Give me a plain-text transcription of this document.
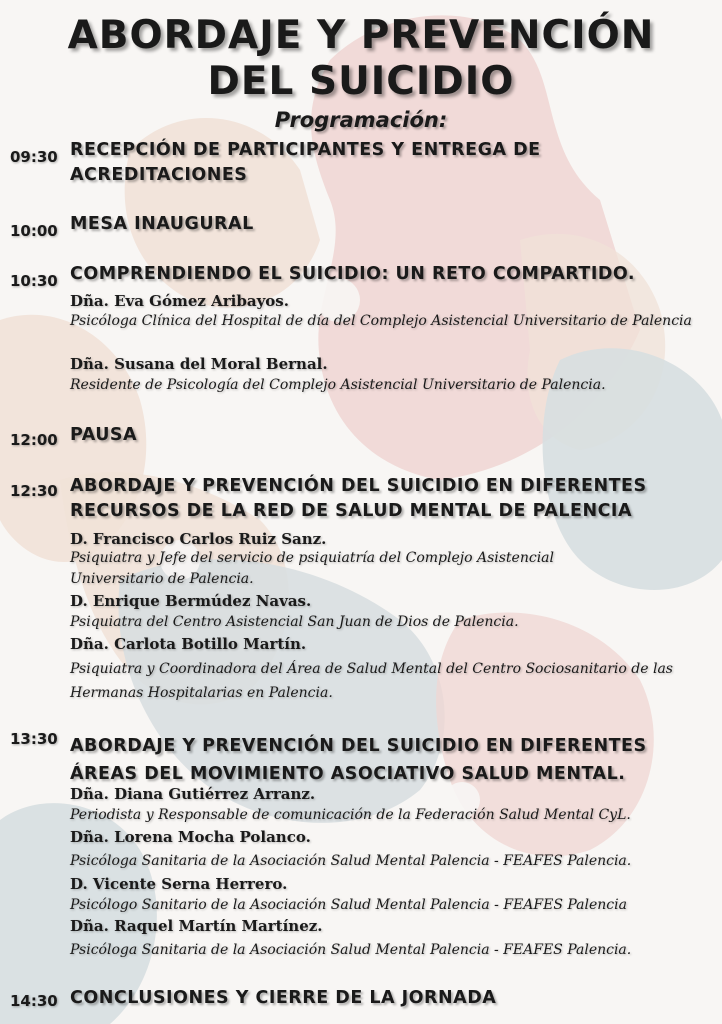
ABORDAJE Y PREVENCIÓN
DEL SUICIDIO
Programación:
09:30 RECEPCIÓN DE PARTICIPANTES Y ENTREGA DE
ACREDITACIONES
10:00 MESA INAUGURAL
10:30 COMPRENDIENDO EL SUICIDIO: UN RETO COMPARTIDO.
Dña. Eva Gómez Aribayos.
Psicóloga Clínica del Hospital de día del Complejo Asistencial Universitario de Palencia
Dña. Susana del Moral Bernal.
Residente de Psicología del Complejo Asistencial Universitario de Palencia.
12:00 PAUSA
12:30 ABORDAJE Y PREVENCIÓN DEL SUICIDIO EN DIFERENTES
RECURSOS DE LA RED DE SALUD MENTAL DE PALENCIA
D. Francisco Carlos Ruiz Sanz.
Psiquiatra y Jefe del servicio de psiquiatría del Complejo Asistencial Universitario de Palencia.
D. Enrique Bermúdez Navas.
Psiquiatra del Centro Asistencial San Juan de Dios de Palencia.
Dña. Carlota Botillo Martín.
Psiquiatra y Coordinadora del Área de Salud Mental del Centro Sociosanitario de las Hermanas Hospitalarias en Palencia.
13:30 ABORDAJE Y PREVENCIÓN DEL SUICIDIO EN DIFERENTES
ÁREAS DEL MOVIMIENTO ASOCIATIVO SALUD MENTAL.
Dña. Diana Gutiérrez Arranz.
Periodista y Responsable de comunicación de la Federación Salud Mental CyL.
Dña. Lorena Mocha Polanco.
Psicóloga Sanitaria de la Asociación Salud Mental Palencia - FEAFES Palencia.
D. Vicente Serna Herrero.
Psicólogo Sanitario de la Asociación Salud Mental Palencia - FEAFES Palencia
Dña. Raquel Martín Martínez.
Psicóloga Sanitaria de la Asociación Salud Mental Palencia - FEAFES Palencia.
14:30 CONCLUSIONES Y CIERRE DE LA JORNADA
